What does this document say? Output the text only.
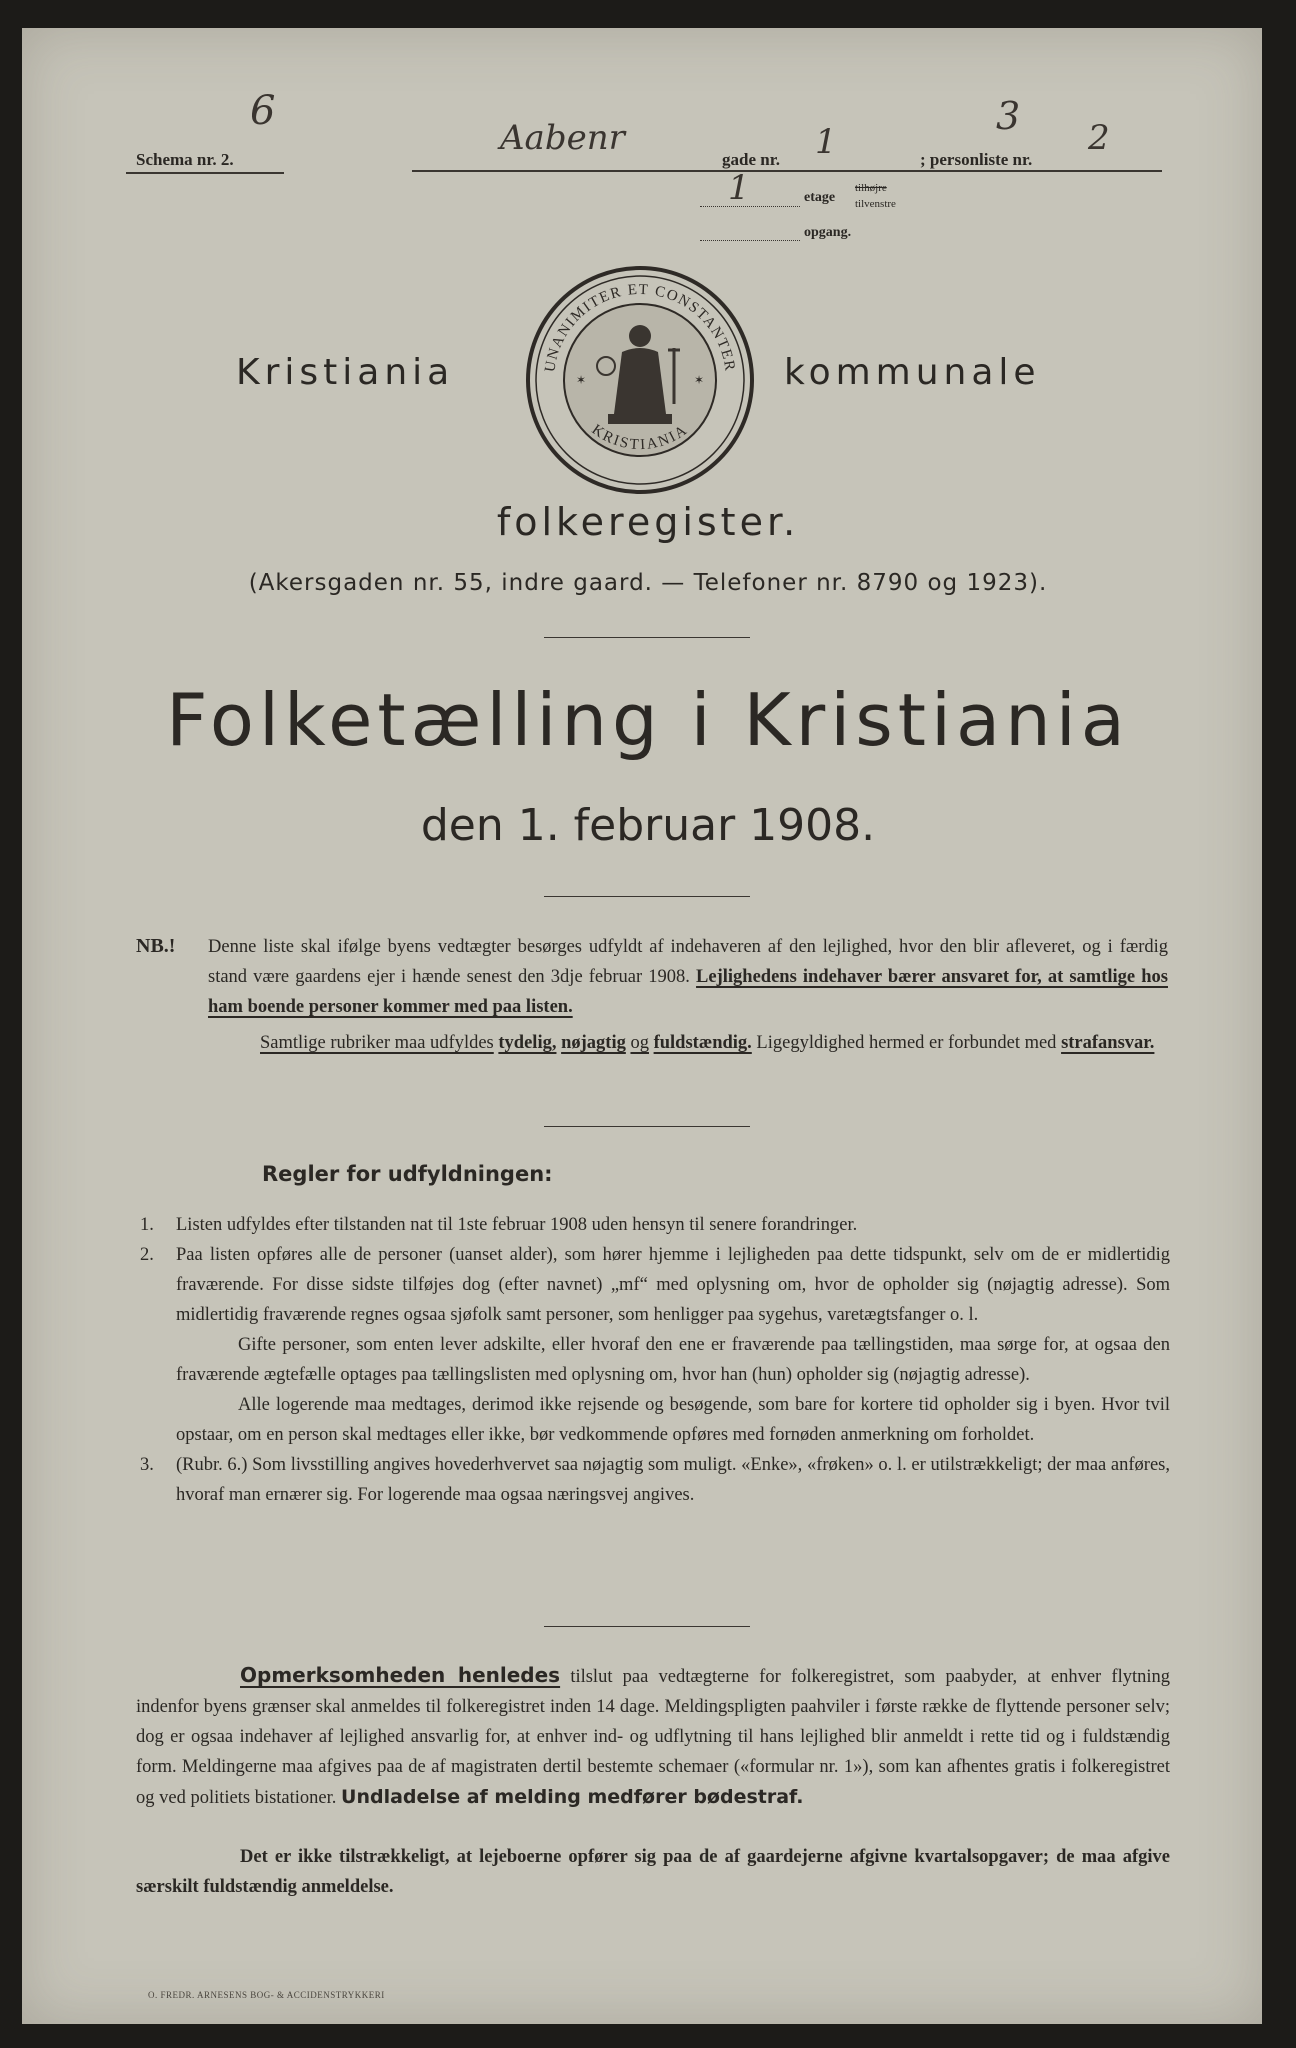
6
Schema nr. 2.
Aabenr
gade nr. 1
3
; personliste nr.
2
1	etage
tilhøjre
tilvenstre
opgang.
Kristiania	kommunale
UNANIMITER ET CONSTANTER
KRISTIANIA
✶	✶
folkeregister.
(Akersgaden nr. 55, indre gaard. — Telefoner nr. 8790 og 1923).
Folketælling i Kristiania
den 1. februar 1908.
NB.! Denne liste skal ifølge byens vedtægter besørges udfyldt af indehaveren af den lejlighed, hvor den blir afleveret, og i færdig stand være gaardens ejer i hænde senest den 3dje februar 1908. Lejlighedens indehaver bærer ansvaret for, at samtlige hos ham boende personer kommer med paa listen.
Samtlige rubriker maa udfyldes tydelig, nøjagtig og fuldstændig. Ligegyldighed hermed er forbundet med strafansvar.
Regler for udfyldningen:
1.	Listen udfyldes efter tilstanden nat til 1ste februar 1908 uden hensyn til senere forandringer.
2.	Paa listen opføres alle de personer (uanset alder), som hører hjemme i lejligheden paa dette tidspunkt, selv om de er midlertidig fraværende. For disse sidste tilføjes dog (efter navnet) „mf“ med oplysning om, hvor de opholder sig (nøjagtig adresse). Som midlertidig fraværende regnes ogsaa sjøfolk samt personer, som henligger paa sygehus, varetægtsfanger o. l.
Gifte personer, som enten lever adskilte, eller hvoraf den ene er fraværende paa tællingstiden, maa sørge for, at ogsaa den fraværende ægtefælle optages paa tællingslisten med oplysning om, hvor han (hun) opholder sig (nøjagtig adresse).
Alle logerende maa medtages, derimod ikke rejsende og besøgende, som bare for kortere tid opholder sig i byen. Hvor tvil opstaar, om en person skal medtages eller ikke, bør vedkommende opføres med fornøden anmerkning om forholdet.
3.	(Rubr. 6.) Som livsstilling angives hovederhvervet saa nøjagtig som muligt. «Enke», «frøken» o. l. er utilstrækkeligt; der maa anføres, hvoraf man ernærer sig. For logerende maa ogsaa næringsvej angives.
Opmerksomheden henledes tilslut paa vedtægterne for folkeregistret, som paabyder, at enhver flytning indenfor byens grænser skal anmeldes til folkeregistret inden 14 dage. Meldingspligten paahviler i første række de flyttende personer selv; dog er ogsaa indehaver af lejlighed ansvarlig for, at enhver ind- og udflytning til hans lejlighed blir anmeldt i rette tid og i fuldstændig form. Meldingerne maa afgives paa de af magistraten dertil bestemte schemaer («formular nr. 1»), som kan afhentes gratis i folkeregistret og ved politiets bistationer. Undladelse af melding medfører bødestraf.
Det er ikke tilstrækkeligt, at lejeboerne opfører sig paa de af gaardejerne afgivne kvartalsopgaver; de maa afgive særskilt fuldstændig anmeldelse.
O. FREDR. ARNESENS BOG- & ACCIDENSTRYKKERI
